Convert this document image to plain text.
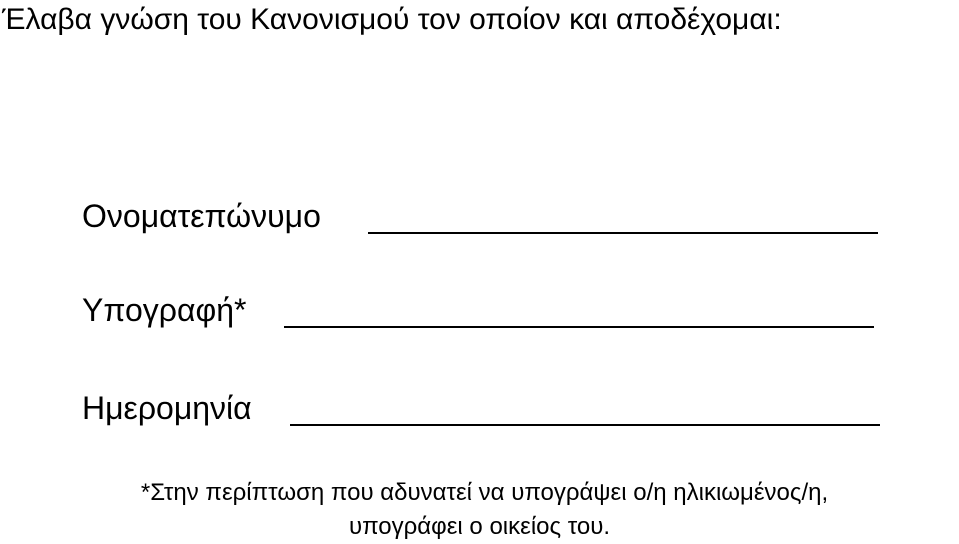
Έλαβα γνώση του Κανονισμού τον οποίον και αποδέχομαι:
Ονοματεπώνυμο
Υπογραφή*
Ημερομηνία
*Στην περίπτωση που αδυνατεί να υπογράψει ο/η ηλικιωμένος/η,
υπογράφει ο οικείος του.
